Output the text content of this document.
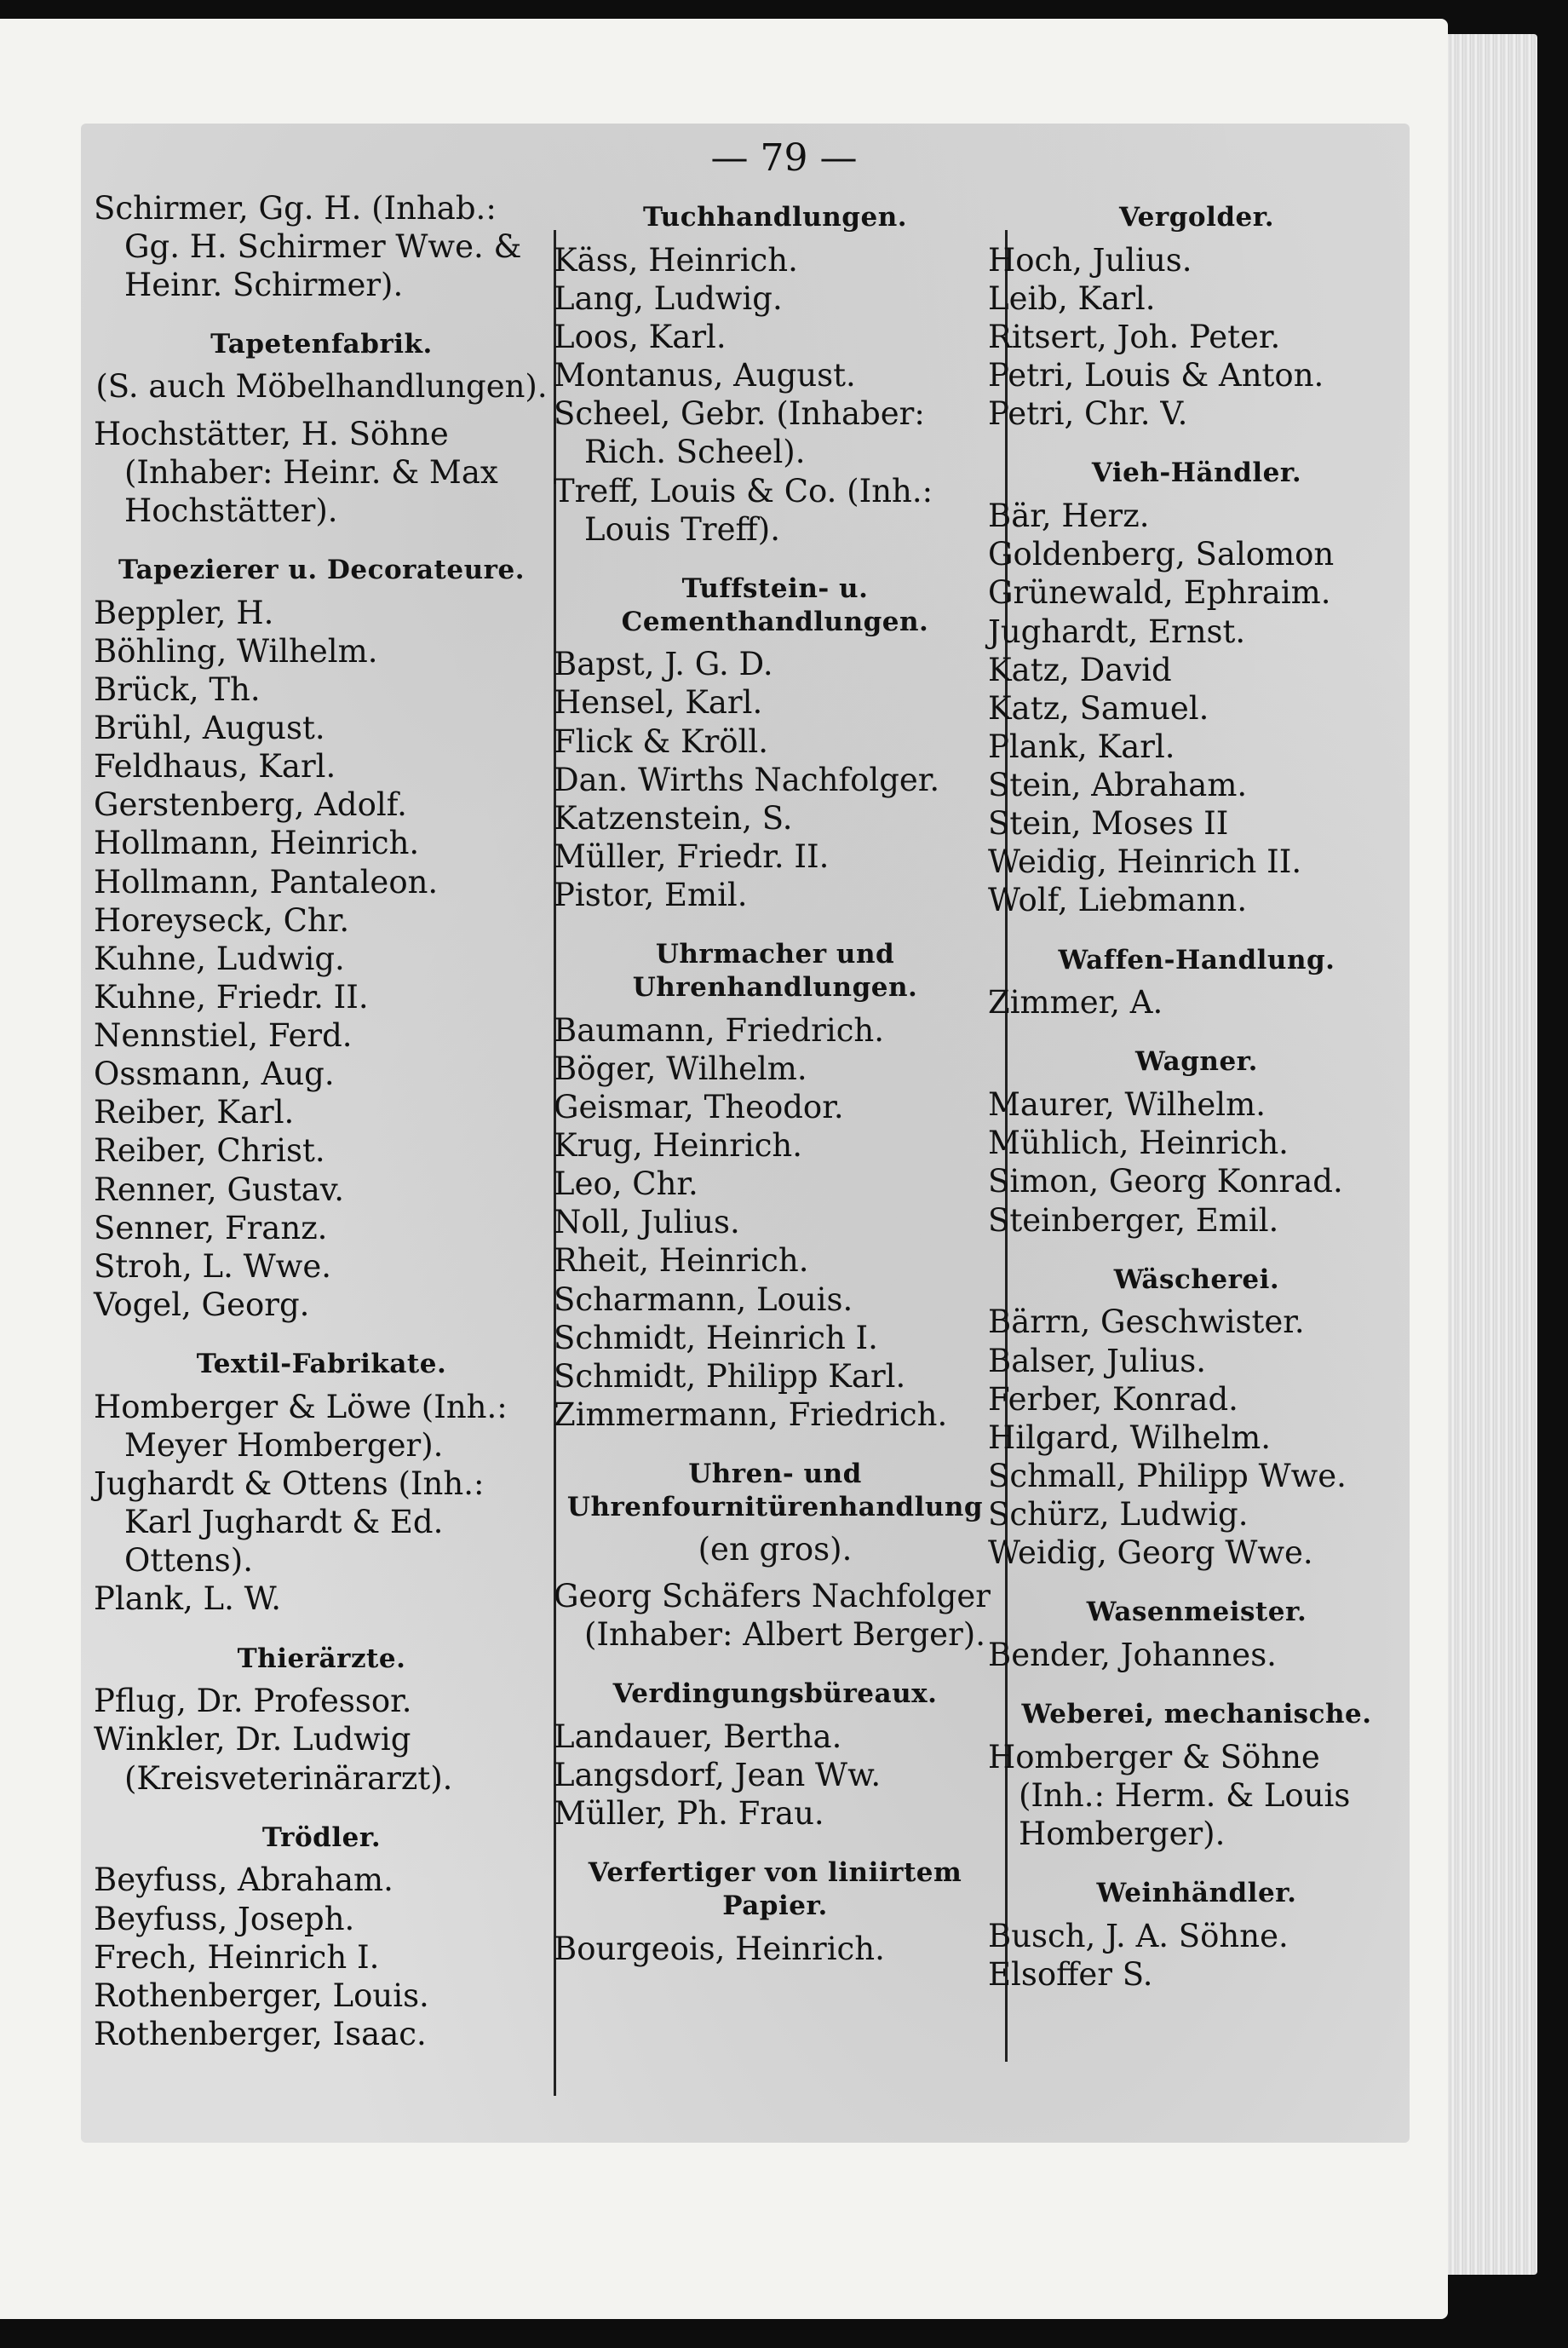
— 79 —
Schirmer, Gg. H. (Inhab.: Gg. H. Schirmer Wwe. & Heinr. Schirmer).
Tapetenfabrik.
(S. auch Möbelhandlungen).
Hochstätter, H. Söhne (Inhaber: Heinr. & Max Hochstätter).
Tapezierer u. Decorateure.
Beppler, H.
Böhling, Wilhelm.
Brück, Th.
Brühl, August.
Feldhaus, Karl.
Gerstenberg, Adolf.
Hollmann, Heinrich.
Hollmann, Pantaleon.
Horeyseck, Chr.
Kuhne, Ludwig.
Kuhne, Friedr. II.
Nennstiel, Ferd.
Ossmann, Aug.
Reiber, Karl.
Reiber, Christ.
Renner, Gustav.
Senner, Franz.
Stroh, L. Wwe.
Vogel, Georg.
Textil-Fabrikate.
Homberger & Löwe (Inh.: Meyer Homberger).
Jughardt & Ottens (Inh.: Karl Jughardt & Ed. Ottens).
Plank, L. W.
Thierärzte.
Pflug, Dr. Professor.
Winkler, Dr. Ludwig (Kreisveterinärarzt).
Trödler.
Beyfuss, Abraham.
Beyfuss, Joseph.
Frech, Heinrich I.
Rothenberger, Louis.
Rothenberger, Isaac.
Tuchhandlungen.
Käss, Heinrich.
Lang, Ludwig.
Loos, Karl.
Montanus, August.
Scheel, Gebr. (Inhaber: Rich. Scheel).
Treff, Louis & Co. (Inh.: Louis Treff).
Tuffstein- u. Cementhandlungen.
Bapst, J. G. D.
Hensel, Karl.
Flick & Kröll.
Dan. Wirths Nachfolger.
Katzenstein, S.
Müller, Friedr. II.
Pistor, Emil.
Uhrmacher und Uhrenhandlungen.
Baumann, Friedrich.
Böger, Wilhelm.
Geismar, Theodor.
Krug, Heinrich.
Leo, Chr.
Noll, Julius.
Rheit, Heinrich.
Scharmann, Louis.
Schmidt, Heinrich I.
Schmidt, Philipp Karl.
Zimmermann, Friedrich.
Uhren- und Uhrenfournitürenhandlung
(en gros).
Georg Schäfers Nachfolger (Inhaber: Albert Berger).
Verdingungsbüreaux.
Landauer, Bertha.
Langsdorf, Jean Ww.
Müller, Ph. Frau.
Verfertiger von liniirtem Papier.
Bourgeois, Heinrich.
Vergolder.
Hoch, Julius.
Leib, Karl.
Ritsert, Joh. Peter.
Petri, Louis & Anton.
Petri, Chr. V.
Vieh-Händler.
Bär, Herz.
Goldenberg, Salomon
Grünewald, Ephraim.
Jughardt, Ernst.
Katz, David
Katz, Samuel.
Plank, Karl.
Stein, Abraham.
Stein, Moses II
Weidig, Heinrich II.
Wolf, Liebmann.
Waffen-Handlung.
Zimmer, A.
Wagner.
Maurer, Wilhelm.
Mühlich, Heinrich.
Simon, Georg Konrad.
Steinberger, Emil.
Wäscherei.
Bärrn, Geschwister.
Balser, Julius.
Ferber, Konrad.
Hilgard, Wilhelm.
Schmall, Philipp Wwe.
Schürz, Ludwig.
Weidig, Georg Wwe.
Wasenmeister.
Bender, Johannes.
Weberei, mechanische.
Homberger & Söhne (Inh.: Herm. & Louis Homberger).
Weinhändler.
Busch, J. A. Söhne.
Elsoffer S.
